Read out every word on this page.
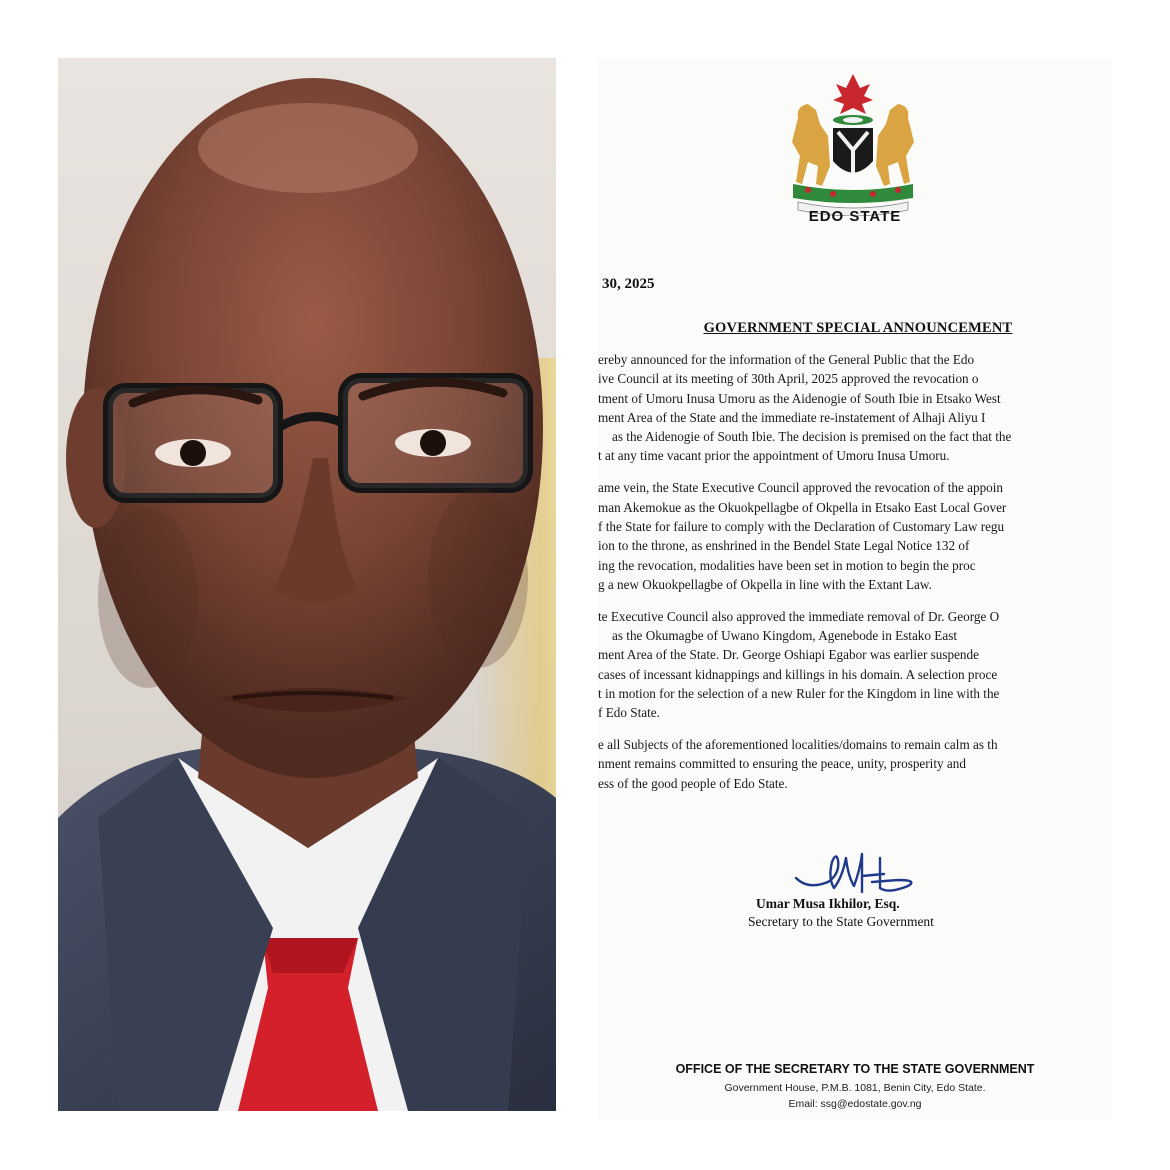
EDO STATE
30, 2025
GOVERNMENT SPECIAL ANNOUNCEMENT
ereby announced for the information of the General Public that the Edo
ive Council at its meeting of 30th April, 2025 approved the revocation o
tment of Umoru Inusa Umoru as the Aidenogie of South Ibie in Etsako West
ment Area of the State and the immediate re-instatement of Alhaji Aliyu I
as the Aidenogie of South Ibie. The decision is premised on the fact that the
t at any time vacant prior the appointment of Umoru Inusa Umoru.
ame vein, the State Executive Council approved the revocation of the appoin
man Akemokue as the Okuokpellagbe of Okpella in Etsako East Local Gover
f the State for failure to comply with the Declaration of Customary Law regu
ion to the throne, as enshrined in the Bendel State Legal Notice 132 of
ing the revocation, modalities have been set in motion to begin the proc
g a new Okuokpellagbe of Okpella in line with the Extant Law.
te Executive Council also approved the immediate removal of Dr. George O
as the Okumagbe of Uwano Kingdom, Agenebode in Estako East
ment Area of the State. Dr. George Oshiapi Egabor was earlier suspende
cases of incessant kidnappings and killings in his domain. A selection proce
t in motion for the selection of a new Ruler for the Kingdom in line with the
f Edo State.
e all Subjects of the aforementioned localities/domains to remain calm as th
nment remains committed to ensuring the peace, unity, prosperity and
ess of the good people of Edo State.
Umar Musa Ikhilor, Esq.
Secretary to the State Government
OFFICE OF THE SECRETARY TO THE STATE GOVERNMENT
Government House, P.M.B. 1081, Benin City, Edo State.
Email: ssg@edostate.gov.ng
